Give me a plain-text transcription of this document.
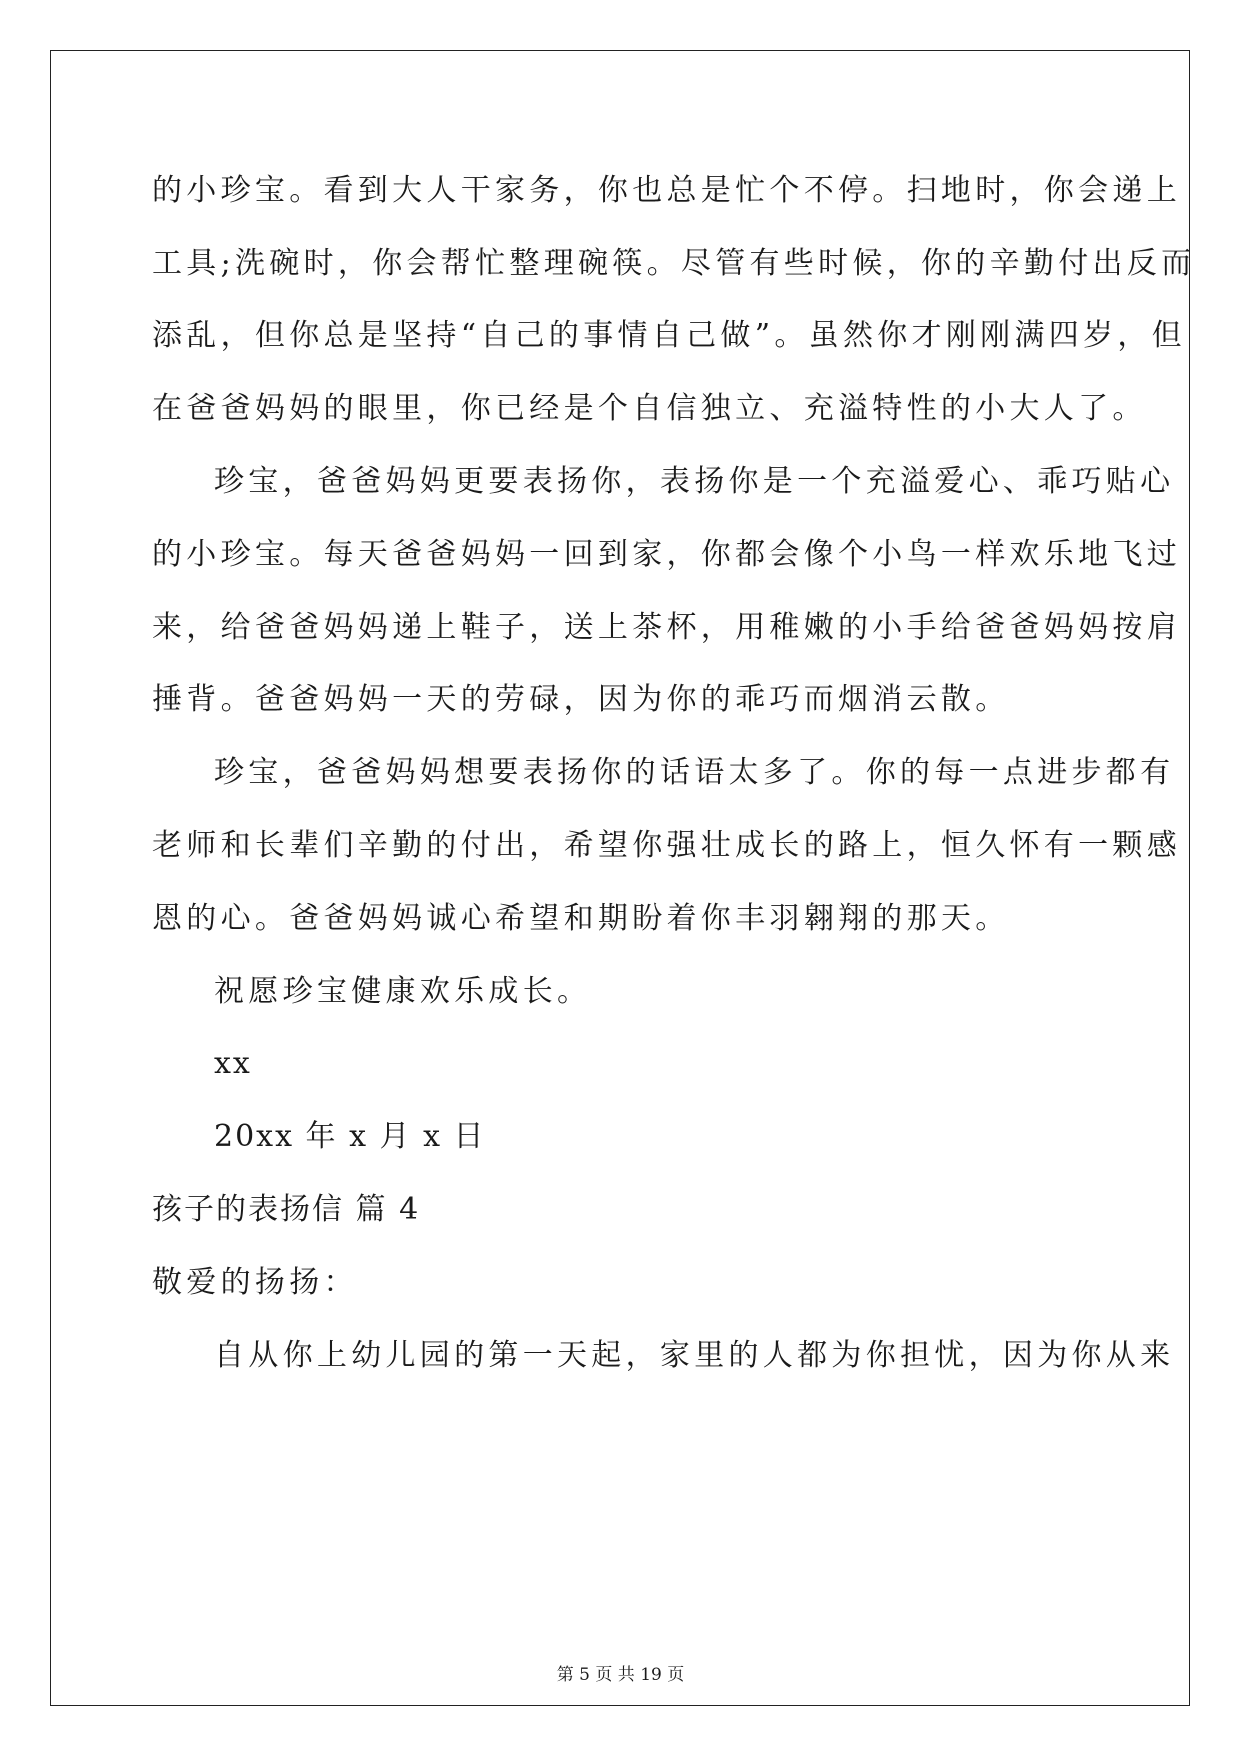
的小珍宝。看到大人干家务，你也总是忙个不停。扫地时，你会递上
工具;洗碗时，你会帮忙整理碗筷。尽管有些时候，你的辛勤付出反而
添乱，但你总是坚持“自己的事情自己做”。虽然你才刚刚满四岁，但
在爸爸妈妈的眼里，你已经是个自信独立、充溢特性的小大人了。
珍宝，爸爸妈妈更要表扬你，表扬你是一个充溢爱心、乖巧贴心
的小珍宝。每天爸爸妈妈一回到家，你都会像个小鸟一样欢乐地飞过
来，给爸爸妈妈递上鞋子，送上茶杯，用稚嫩的小手给爸爸妈妈按肩
捶背。爸爸妈妈一天的劳碌，因为你的乖巧而烟消云散。
珍宝，爸爸妈妈想要表扬你的话语太多了。你的每一点进步都有
老师和长辈们辛勤的付出，希望你强壮成长的路上，恒久怀有一颗感
恩的心。爸爸妈妈诚心希望和期盼着你丰羽翱翔的那天。
祝愿珍宝健康欢乐成长。
xx
20xx 年 x 月 x 日
孩子的表扬信 篇 4
敬爱的扬扬：
自从你上幼儿园的第一天起，家里的人都为你担忧，因为你从来
第 5 页 共 19 页
